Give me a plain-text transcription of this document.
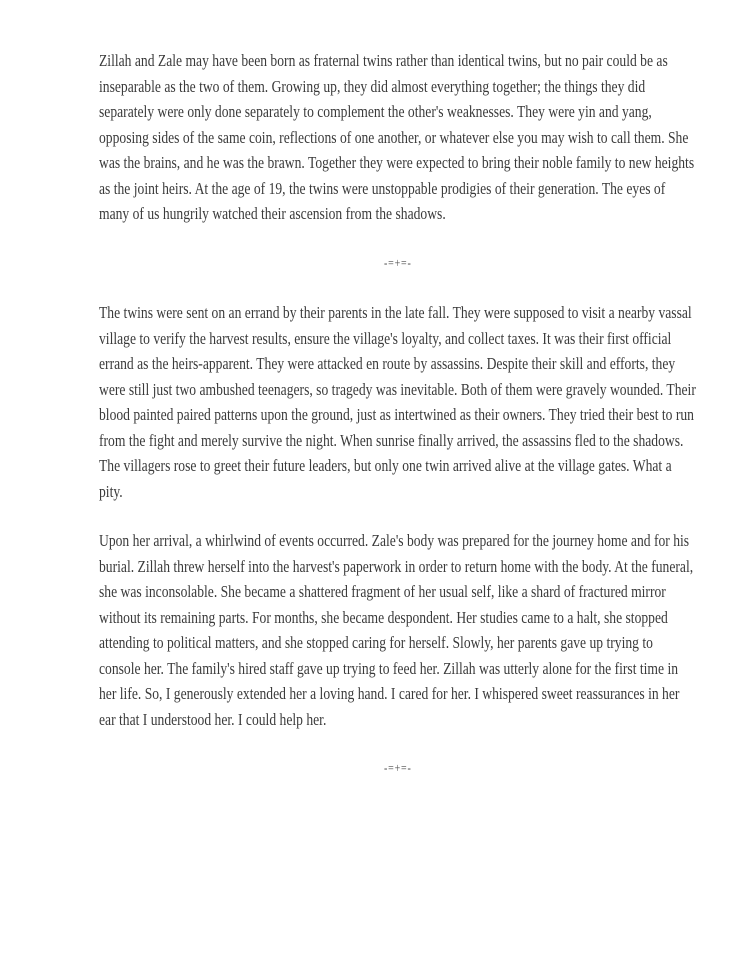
Zillah and Zale may have been born as fraternal twins rather than identical twins, but no pair could be as inseparable as the two of them. Growing up, they did almost everything together; the things they did separately were only done separately to complement the other's weaknesses. They were yin and yang, opposing sides of the same coin, reflections of one another, or whatever else you may wish to call them. She was the brains, and he was the brawn. Together they were expected to bring their noble family to new heights as the joint heirs. At the age of 19, the twins were unstoppable prodigies of their generation. The eyes of many of us hungrily watched their ascension from the shadows.

-=+=-

The twins were sent on an errand by their parents in the late fall. They were supposed to visit a nearby vassal village to verify the harvest results, ensure the village's loyalty, and collect taxes. It was their first official errand as the heirs-apparent. They were attacked en route by assassins. Despite their skill and efforts, they were still just two ambushed teenagers, so tragedy was inevitable. Both of them were gravely wounded. Their blood painted paired patterns upon the ground, just as intertwined as their owners. They tried their best to run from the fight and merely survive the night. When sunrise finally arrived, the assassins fled to the shadows. The villagers rose to greet their future leaders, but only one twin arrived alive at the village gates. What a pity.

Upon her arrival, a whirlwind of events occurred. Zale's body was prepared for the journey home and for his burial. Zillah threw herself into the harvest's paperwork in order to return home with the body. At the funeral, she was inconsolable. She became a shattered fragment of her usual self, like a shard of fractured mirror without its remaining parts. For months, she became despondent. Her studies came to a halt, she stopped attending to political matters, and she stopped caring for herself. Slowly, her parents gave up trying to console her. The family's hired staff gave up trying to feed her. Zillah was utterly alone for the first time in her life. So, I generously extended her a loving hand. I cared for her. I whispered sweet reassurances in her ear that I understood her. I could help her.

-=+=-
